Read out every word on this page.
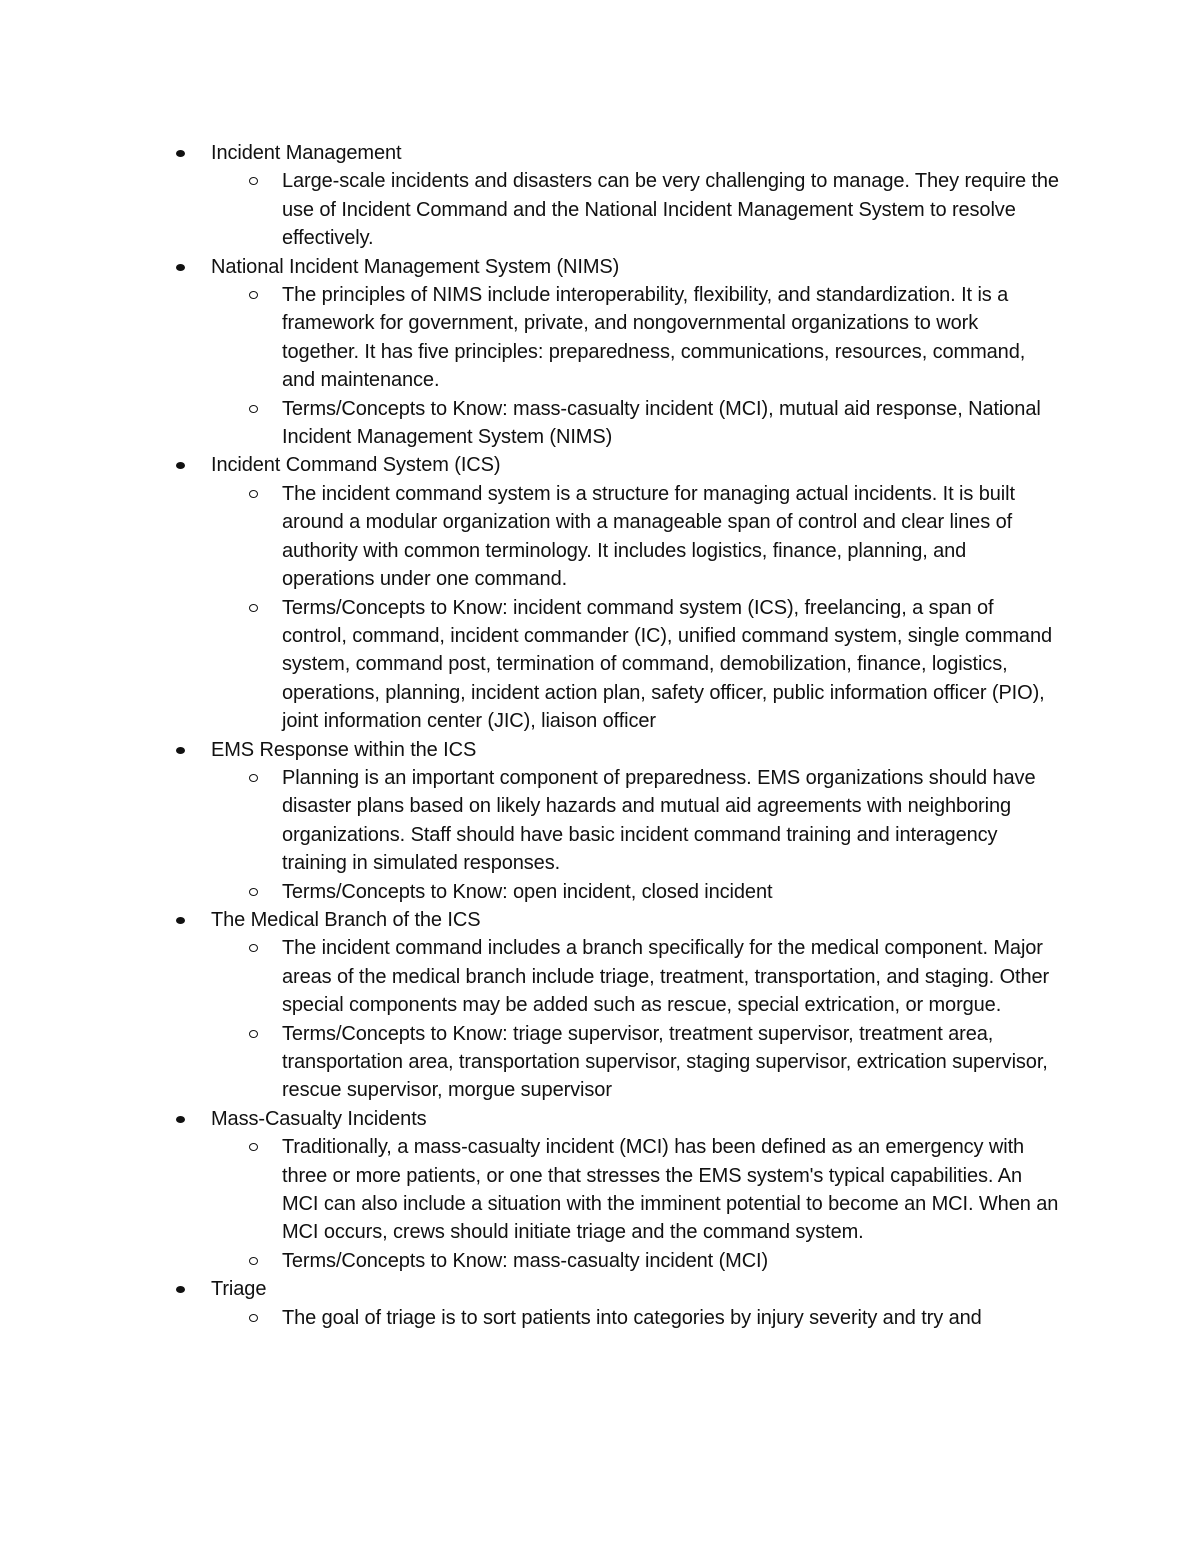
Incident Management
Large-scale incidents and disasters can be very challenging to manage. They require the use of Incident Command and the National Incident Management System to resolve effectively.
National Incident Management System (NIMS)
The principles of NIMS include interoperability, flexibility, and standardization. It is a framework for government, private, and nongovernmental organizations to work together. It has five principles: preparedness, communications, resources, command, and maintenance.
Terms/Concepts to Know: mass-casualty incident (MCI), mutual aid response, National Incident Management System (NIMS)
Incident Command System (ICS)
The incident command system is a structure for managing actual incidents. It is built around a modular organization with a manageable span of control and clear lines of authority with common terminology. It includes logistics, finance, planning, and operations under one command.
Terms/Concepts to Know: incident command system (ICS), freelancing, a span of control, command, incident commander (IC), unified command system, single command system, command post, termination of command, demobilization, finance, logistics, operations, planning, incident action plan, safety officer, public information officer (PIO), joint information center (JIC), liaison officer
EMS Response within the ICS
Planning is an important component of preparedness. EMS organizations should have disaster plans based on likely hazards and mutual aid agreements with neighboring organizations. Staff should have basic incident command training and interagency training in simulated responses.
Terms/Concepts to Know: open incident, closed incident
The Medical Branch of the ICS
The incident command includes a branch specifically for the medical component. Major areas of the medical branch include triage, treatment, transportation, and staging. Other special components may be added such as rescue, special extrication, or morgue.
Terms/Concepts to Know: triage supervisor, treatment supervisor, treatment area, transportation area, transportation supervisor, staging supervisor, extrication supervisor, rescue supervisor, morgue supervisor
Mass-Casualty Incidents
Traditionally, a mass-casualty incident (MCI) has been defined as an emergency with three or more patients, or one that stresses the EMS system's typical capabilities. An MCI can also include a situation with the imminent potential to become an MCI. When an MCI occurs, crews should initiate triage and the command system.
Terms/Concepts to Know: mass-casualty incident (MCI)
Triage
The goal of triage is to sort patients into categories by injury severity and try and
